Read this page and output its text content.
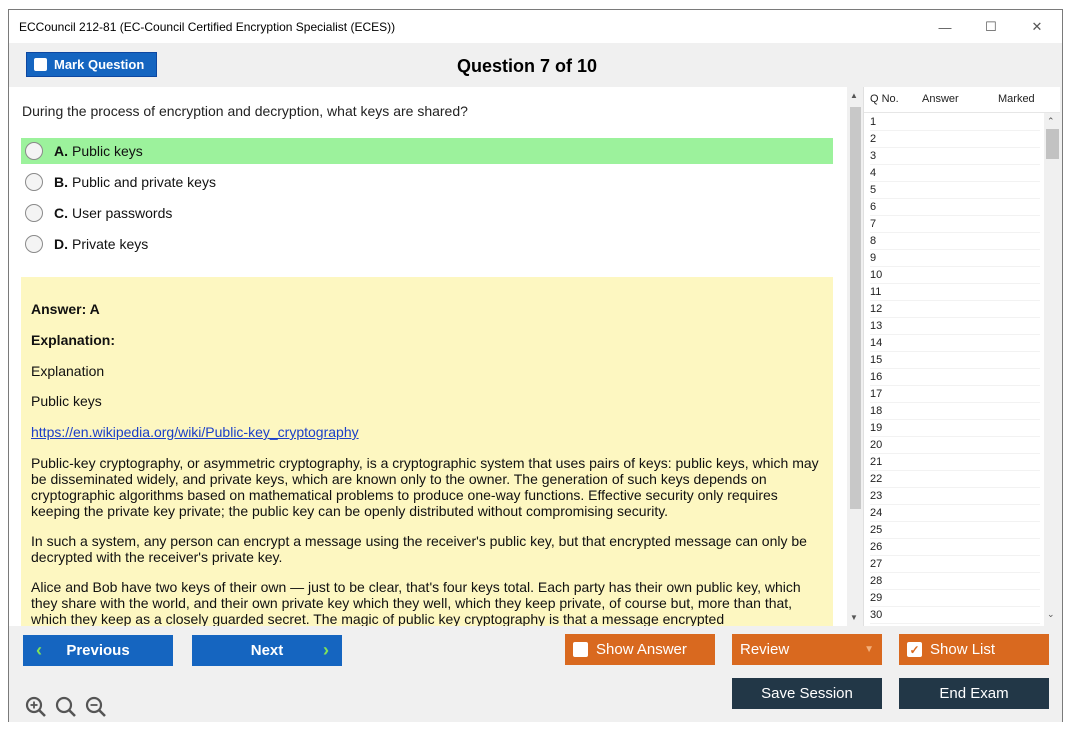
ECCouncil 212-81 (EC-Council Certified Encryption Specialist (ECES))	—	☐	✕
Mark Question	Question 7 of 10
During the process of encryption and decryption, what keys are shared?
A. Public keys
B. Public and private keys
C. User passwords
D. Private keys
Answer: A
Explanation:
Explanation
Public keys
https://en.wikipedia.org/wiki/Public-key_cryptography
Public-key cryptography, or asymmetric cryptography, is a cryptographic system that uses pairs of keys: public keys, which may be disseminated widely, and private keys, which are known only to the owner. The generation of such keys depends on cryptographic algorithms based on mathematical problems to produce one-way functions. Effective security only requires keeping the private key private; the public key can be openly distributed without compromising security.
In such a system, any person can encrypt a message using the receiver's public key, but that encrypted message can only be decrypted with the receiver's private key.
Alice and Bob have two keys of their own — just to be clear, that's four keys total. Each party has their own public key, which they share with the world, and their own private key which they well, which they keep private, of course but, more than that, which they keep as a closely guarded secret. The magic of public key cryptography is that a message encrypted
▲
▼
Q No. Answer	Marked
1
2
3
4
5
6
7
8
9
10
11
12
13
14
15
16
17
18
19
20
21
22
23
24
25
26
27
28
29
30
⌃
⌄
‹ Previous	Next ›	Show Answer	Review	▼	✓ Show List
Save Session	End Exam
